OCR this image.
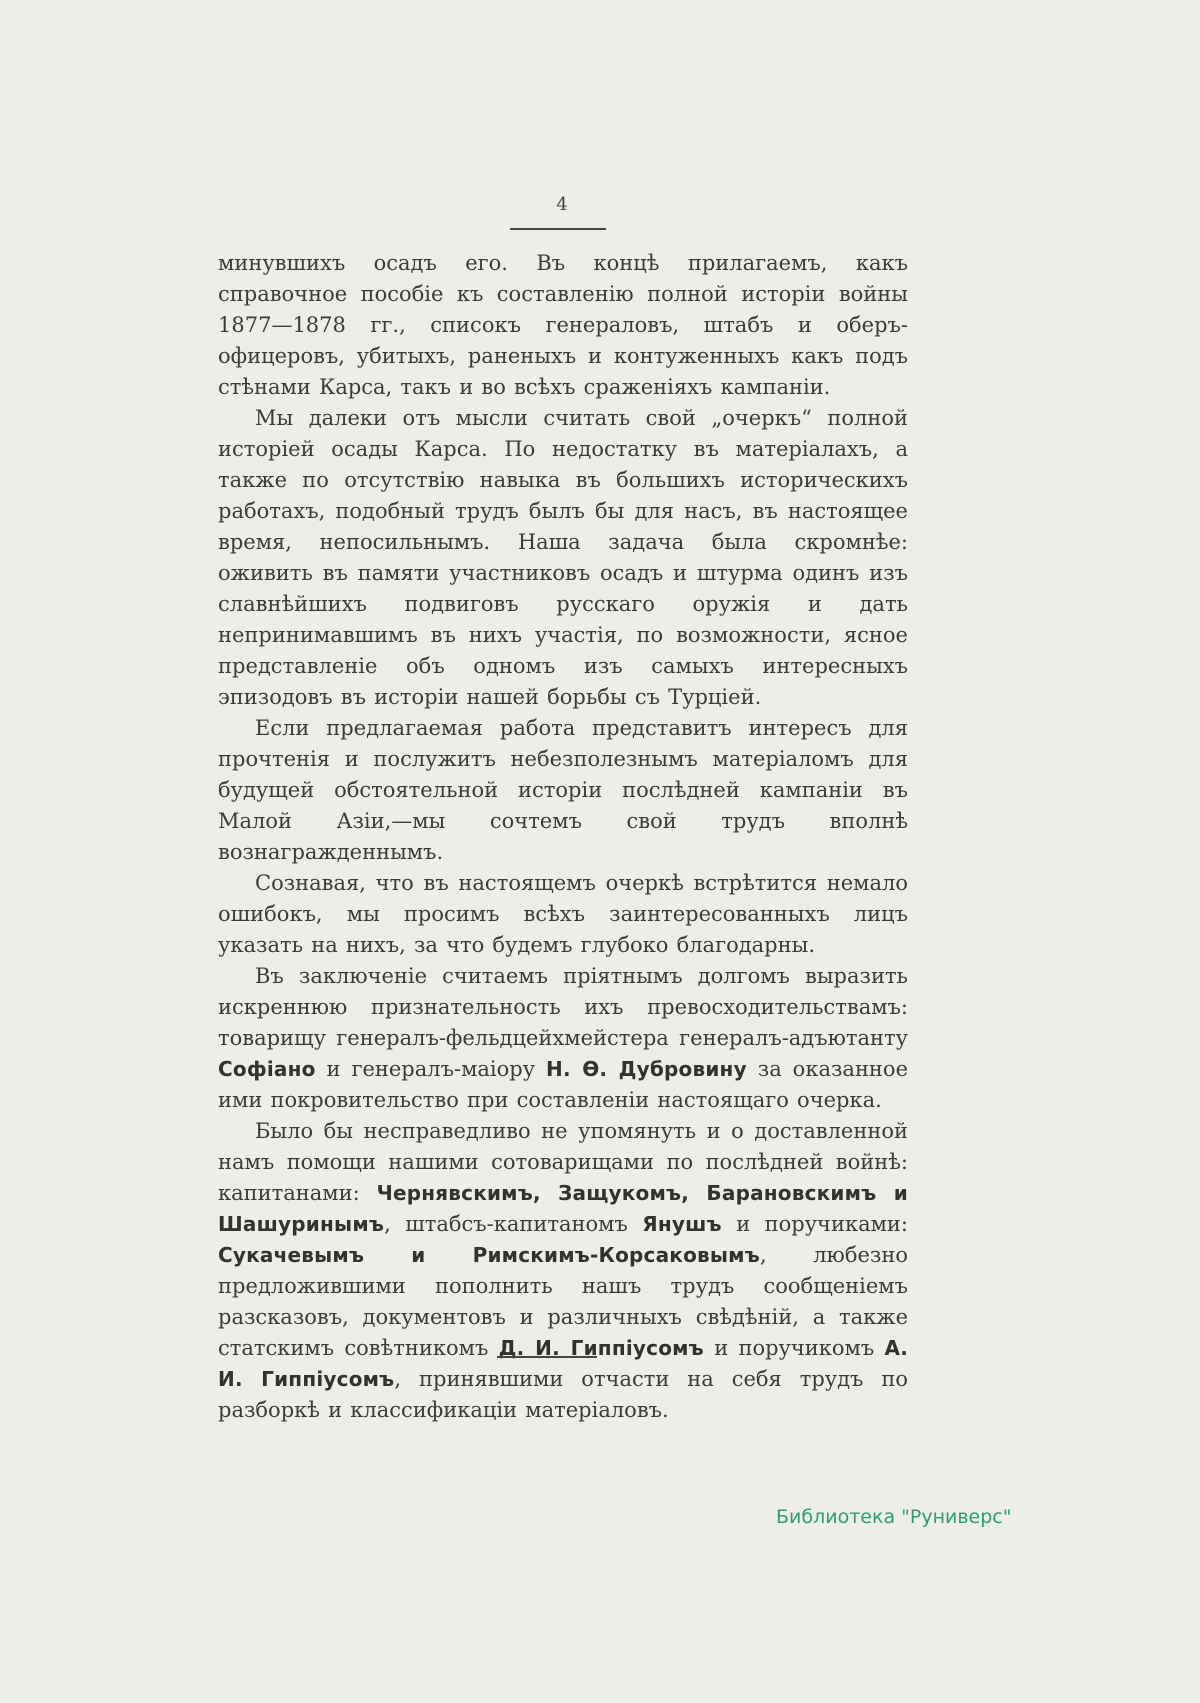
4

минувшихъ осадъ его. Въ концѣ прилагаемъ, какъ справочное пособіе къ составленію полной исторіи войны 1877—1878 гг., списокъ генераловъ, штабъ и оберъ-офицеровъ, убитыхъ, раненыхъ и контуженныхъ какъ подъ стѣнами Карса, такъ и во всѣхъ сраженіяхъ кампаніи.

Мы далеки отъ мысли считать свой „очеркъ“ полной исторіей осады Карса. По недостатку въ матеріалахъ, а также по отсутствію навыка въ большихъ историческихъ работахъ, подобный трудъ былъ бы для насъ, въ настоящее время, непосильнымъ. Наша задача была скромнѣе: оживить въ памяти участниковъ осадъ и штурма одинъ изъ славнѣйшихъ подвиговъ русскаго оружія и дать непринимавшимъ въ нихъ участія, по возможности, ясное представленіе объ одномъ изъ самыхъ интересныхъ эпизодовъ въ исторіи нашей борьбы съ Турціей.

Если предлагаемая работа представитъ интересъ для прочтенія и послужитъ небезполезнымъ матеріаломъ для будущей обстоятельной исторіи послѣдней кампаніи въ Малой Азіи,—мы сочтемъ свой трудъ вполнѣ вознагражденнымъ.

Сознавая, что въ настоящемъ очеркѣ встрѣтится немало ошибокъ, мы просимъ всѣхъ заинтересованныхъ лицъ указать на нихъ, за что будемъ глубоко благодарны.

Въ заключеніе считаемъ пріятнымъ долгомъ выразить искреннюю признательность ихъ превосходительствамъ: товарищу генералъ-фельдцейхмейстера генералъ-адъютанту Софіано и генералъ-маіору Н. Ѳ. Дубровину за оказанное ими покровительство при составленіи настоящаго очерка.

Было бы несправедливо не упомянуть и о доставленной намъ помощи нашими сотоварищами по послѣдней войнѣ: капитанами: Чернявскимъ, Защукомъ, Барановскимъ и Шашуринымъ, штабсъ-капитаномъ Янушъ и поручиками: Сукачевымъ и Римскимъ-Корсаковымъ, любезно предложившими пополнить нашъ трудъ сообщеніемъ разсказовъ, документовъ и различныхъ свѣдѣній, а также статскимъ совѣтникомъ Д. И. Гиппіусомъ и поручикомъ А. И. Гиппіусомъ, принявшими отчасти на себя трудъ по разборкѣ и классификаціи матеріаловъ.

Библиотека "Руниверс"
